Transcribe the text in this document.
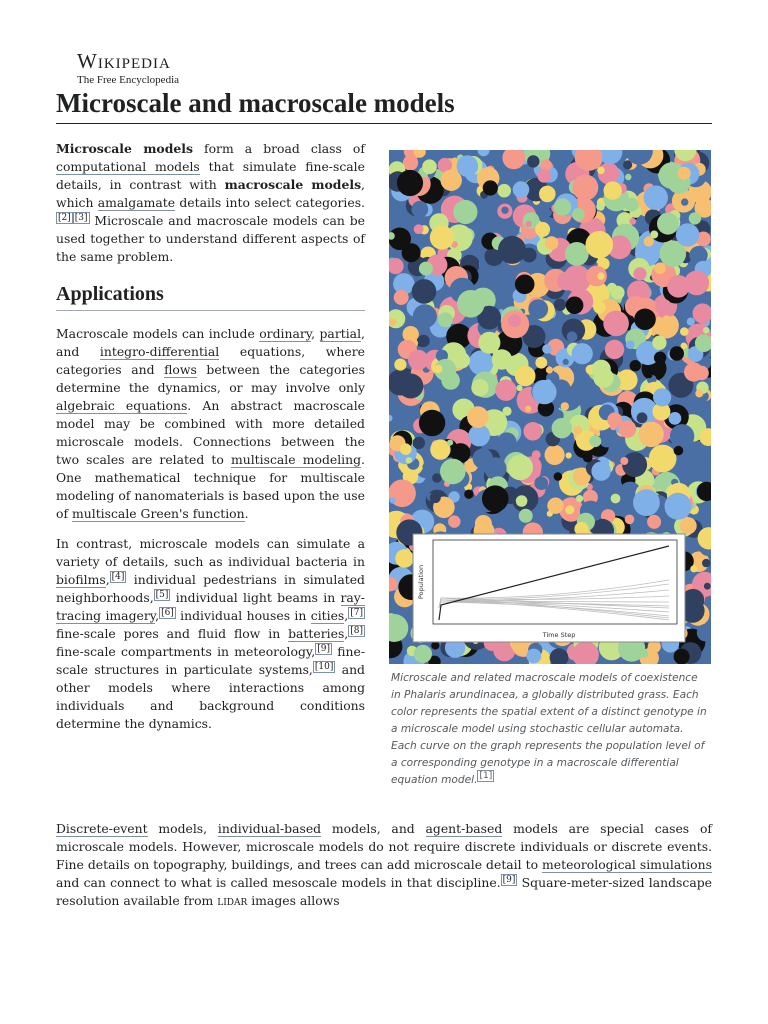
Wikipedia
The Free Encyclopedia
Microscale and macroscale models

Microscale models form a broad class of computational models that simulate fine-scale details, in contrast with macroscale models, which amalgamate details into select categories.[2] [3] Microscale and macroscale models can be used together to understand different aspects of the same problem.

Applications

Macroscale models can include ordinary, partial, and integro-differential equations, where categories and flows between the categories determine the dynamics, or may involve only algebraic equations. An abstract macroscale model may be combined with more detailed microscale models. Connections between the two scales are related to multiscale modeling. One mathematical technique for multiscale modeling of nanomaterials is based upon the use of multiscale Green's function.

In contrast, microscale models can simulate a variety of details, such as individual bacteria in biofilms, [4] individual pedestrians in simulated neighborhoods, [5] individual light beams in ray-tracing imagery, [6] individual houses in cities, [7] fine-scale pores and fluid flow in batteries, [8] fine-scale compartments in meteorology, [9] fine-scale structures in particulate systems, [10] and other models where interactions among individuals and background conditions determine the dynamics.

Time Step
Population
Microscale and related macroscale models of coexistence in Phalaris arundinacea, a globally distributed grass. Each color represents the spatial extent of a distinct genotype in a microscale model using stochastic cellular automata. Each curve on the graph represents the population level of a corresponding genotype in a macroscale differential equation model. [1]
Discrete-event models, individual-based models, and agent-based models are special cases of microscale models. However, microscale models do not require discrete individuals or discrete events. Fine details on topography, buildings, and trees can add microscale detail to meteorological simulations and can connect to what is called mesoscale models in that discipline. [9] Square-meter-sized landscape resolution available from lidar images allows
